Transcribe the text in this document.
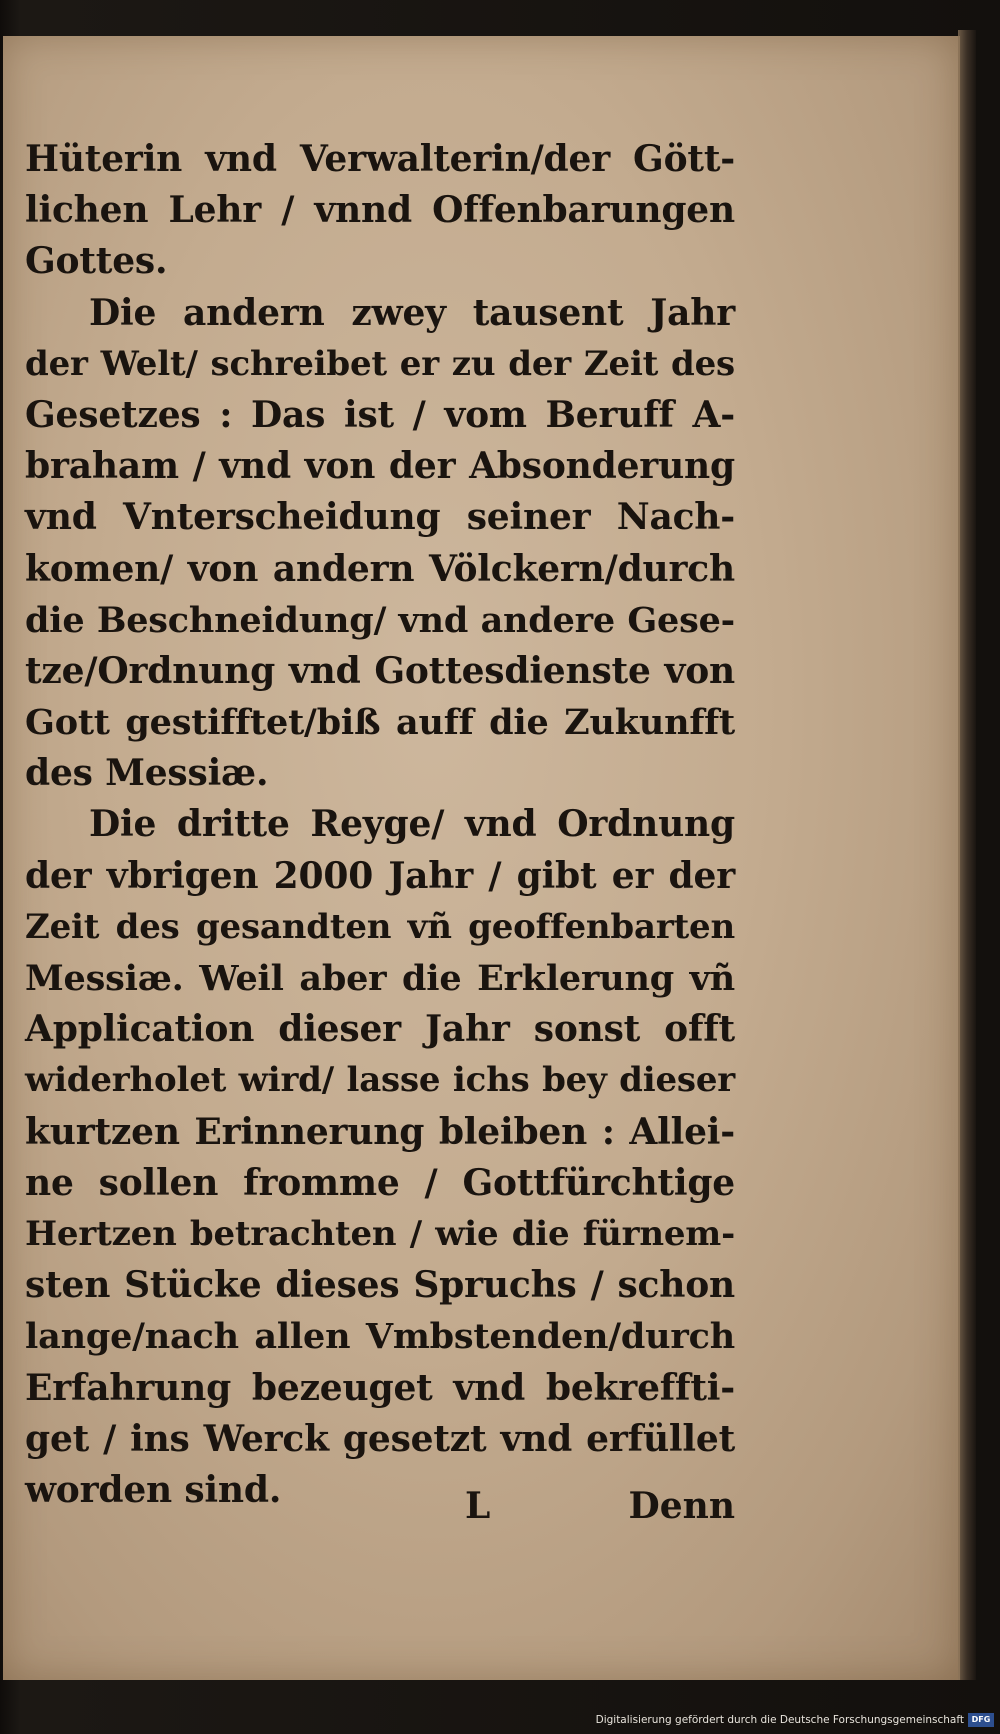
Hüterin vnd Verwalterin/der Gött-
lichen Lehr / vnnd Offenbarungen
Gottes.
Die andern zwey tausent Jahr
der Welt/ schreibet er zu der Zeit des
Gesetzes : Das ist / vom Beruff A-
braham / vnd von der Absonderung
vnd Vnterscheidung seiner Nach-
komen/ von andern Völckern/durch
die Beschneidung/ vnd andere Gese-
tze/Ordnung vnd Gottesdienste von
Gott gestifftet/biß auff die Zukunfft
des Messiæ.
Die dritte Reyge/ vnd Ordnung
der vbrigen 2000 Jahr / gibt er der
Zeit des gesandten vñ geoffenbarten
Messiæ. Weil aber die Erklerung vñ
Application dieser Jahr sonst offt
widerholet wird/ lasse ichs bey dieser
kurtzen Erinnerung bleiben : Allei-
ne sollen fromme / Gottfürchtige
Hertzen betrachten / wie die fürnem-
sten Stücke dieses Spruchs / schon
lange/nach allen Vmbstenden/durch
Erfahrung bezeuget vnd bekreffti-
get / ins Werck gesetzt vnd erfüllet
worden sind.	L	Denn
Digitalisierung gefördert durch die Deutsche Forschungsgemeinschaft DFG
